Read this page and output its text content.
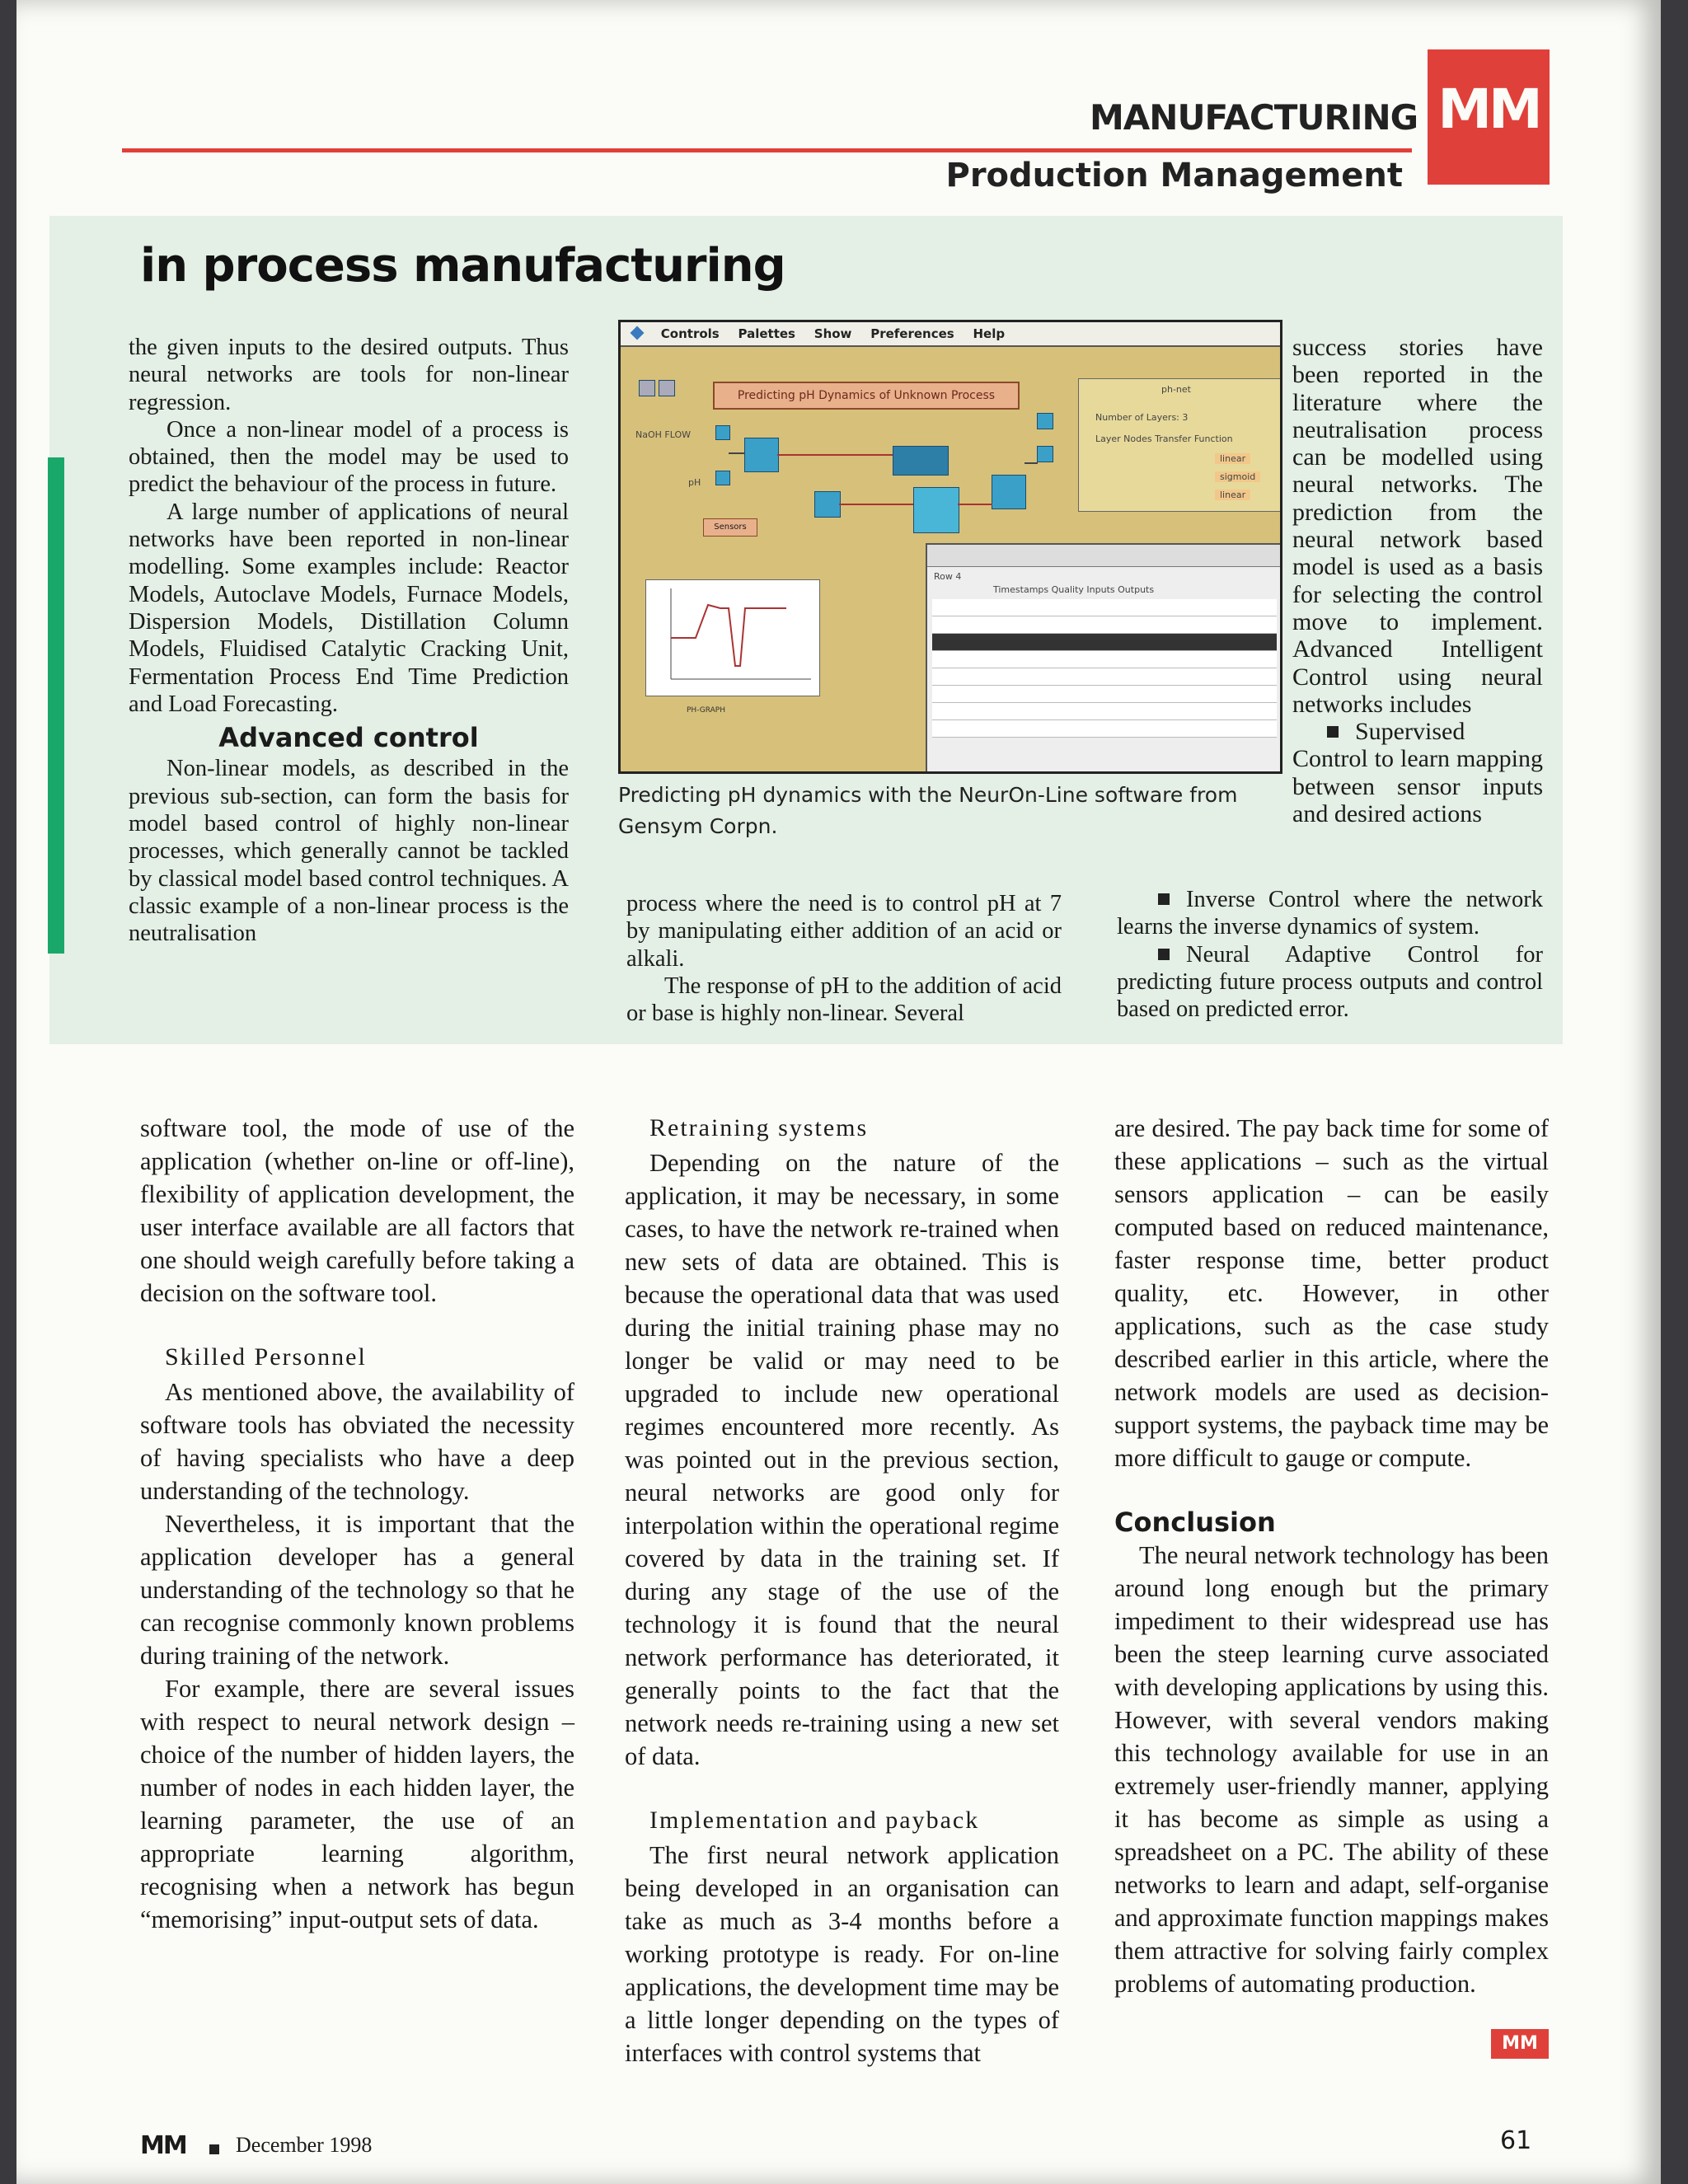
MANUFACTURING
Production Management
MM
in process manufacturing

the given inputs to the desired outputs. Thus neural networks are tools for non-linear regression.

Once a non-linear model of a process is obtained, then the model may be used to predict the behaviour of the process in future.

A large number of applications of neural networks have been reported in non-linear modelling. Some examples include: Reactor Models, Autoclave Models, Furnace Models, Dispersion Models, Distillation Column Models, Fluidised Catalytic Cracking Unit, Fermentation Process End Time Prediction and Load Forecasting.

Advanced control

Non-linear models, as described in the previous sub-section, can form the basis for model based control of highly non-linear processes, which generally cannot be tackled by classical model based control techniques. A classic example of a non-linear process is the neutralisation

Controls Palettes Show Preferences Help
Predicting pH Dynamics of Unknown Process
NaOH FLOW
pH
Sensors
PH-GRAPH
ph-net
Number of Layers: 3
Layer Nodes Transfer Function
linear
sigmoid
linear
Row 4
Timestamps Quality Inputs Outputs
Predicting pH dynamics with the NeurOn-Line software from Gensym Corpn.

process where the need is to control pH at 7 by manipulating either addition of an acid or alkali.

The response of pH to the addition of acid or base is highly non-linear. Several

success stories have been reported in the literature where the neutralisation process can be modelled using neural networks. The prediction from the neural network based model is used as a basis for selecting the control move to implement. Advanced Intelligent Control using neural networks includes

Supervised Control to learn mapping between sensor inputs and desired actions

Inverse Control where the network learns the inverse dynamics of system.

Neural Adaptive Control for predicting future process outputs and control based on predicted error.

software tool, the mode of use of the application (whether on-line or off-line), flexibility of application development, the user interface available are all factors that one should weigh carefully before taking a decision on the software tool.

Skilled Personnel

As mentioned above, the availability of software tools has obviated the necessity of having specialists who have a deep understanding of the technology.

Nevertheless, it is important that the application developer has a general understanding of the technology so that he can recognise commonly known problems during training of the network.

For example, there are several issues with respect to neural network design – choice of the number of hidden layers, the number of nodes in each hidden layer, the learning parameter, the use of an appropriate learning algorithm, recognising when a network has begun “memorising” input-output sets of data.

Retraining systems

Depending on the nature of the application, it may be necessary, in some cases, to have the network re-trained when new sets of data are obtained. This is because the operational data that was used during the initial training phase may no longer be valid or may need to be upgraded to include new operational regimes encountered more recently. As was pointed out in the previous section, neural networks are good only for interpolation within the operational regime covered by data in the training set. If during any stage of the use of the technology it is found that the neural network performance has deteriorated, it generally points to the fact that the network needs re-training using a new set of data.

Implementation and payback

The first neural network application being developed in an organisation can take as much as 3-4 months before a working prototype is ready. For on-line applications, the development time may be a little longer depending on the types of interfaces with control systems that

are desired. The pay back time for some of these applications – such as the virtual sensors application – can be easily computed based on reduced maintenance, faster response time, better product quality, etc. However, in other applications, such as the case study described earlier in this article, where the network models are used as decision-support systems, the payback time may be more difficult to gauge or compute.

Conclusion

The neural network technology has been around long enough but the primary impediment to their widespread use has been the steep learning curve associated with developing applications by using this. However, with several vendors making this technology available for use in an extremely user-friendly manner, applying it has become as simple as using a spreadsheet on a PC. The ability of these networks to learn and adapt, self-organise and approximate function mappings makes them attractive for solving fairly complex problems of automating production.

MM
MM December 1998	61
